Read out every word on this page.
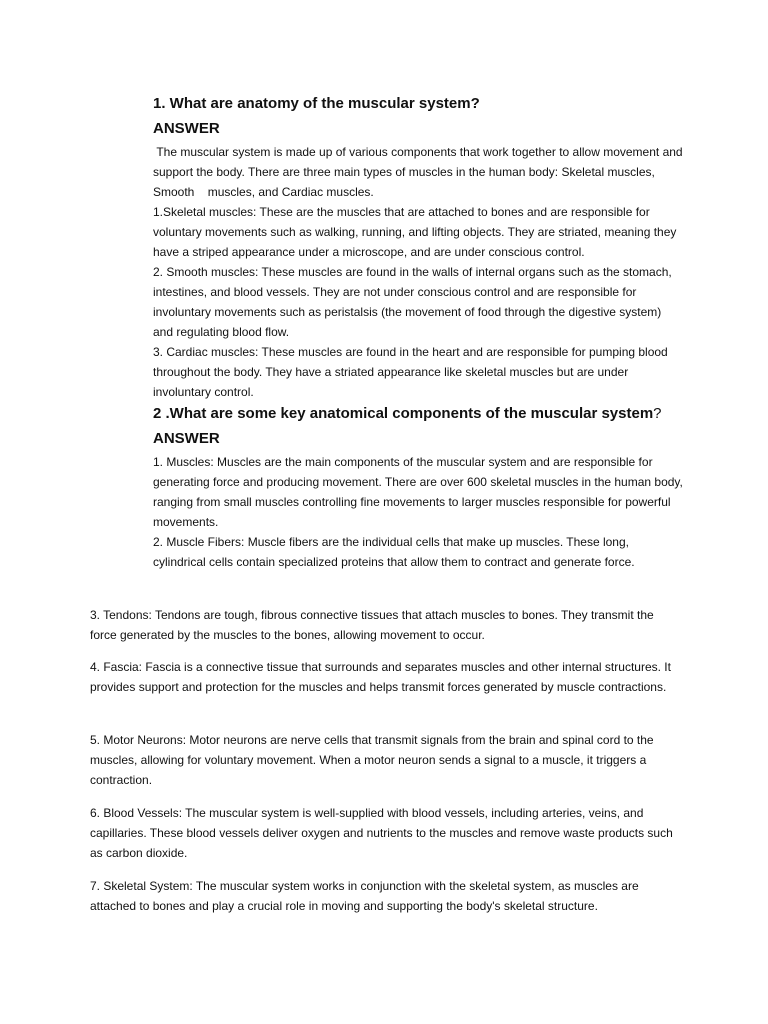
1. What are anatomy of the muscular system?

ANSWER

The muscular system is made up of various components that work together to allow movement and support the body. There are three main types of muscles in the human body: Skeletal muscles, Smooth    muscles, and Cardiac muscles.

1.Skeletal muscles: These are the muscles that are attached to bones and are responsible for voluntary movements such as walking, running, and lifting objects. They are striated, meaning they have a striped appearance under a microscope, and are under conscious control.

2. Smooth muscles: These muscles are found in the walls of internal organs such as the stomach, intestines, and blood vessels. They are not under conscious control and are responsible for involuntary movements such as peristalsis (the movement of food through the digestive system) and regulating blood flow.

3. Cardiac muscles: These muscles are found in the heart and are responsible for pumping blood throughout the body. They have a striated appearance like skeletal muscles but are under involuntary control.

2 .What are some key anatomical components of the muscular system?

ANSWER

1. Muscles: Muscles are the main components of the muscular system and are responsible for generating force and producing movement. There are over 600 skeletal muscles in the human body, ranging from small muscles controlling fine movements to larger muscles responsible for powerful movements.

2. Muscle Fibers: Muscle fibers are the individual cells that make up muscles. These long, cylindrical cells contain specialized proteins that allow them to contract and generate force.

3. Tendons: Tendons are tough, fibrous connective tissues that attach muscles to bones. They transmit the force generated by the muscles to the bones, allowing movement to occur.

4. Fascia: Fascia is a connective tissue that surrounds and separates muscles and other internal structures. It provides support and protection for the muscles and helps transmit forces generated by muscle contractions.

5. Motor Neurons: Motor neurons are nerve cells that transmit signals from the brain and spinal cord to the muscles, allowing for voluntary movement. When a motor neuron sends a signal to a muscle, it triggers a contraction.

6. Blood Vessels: The muscular system is well-supplied with blood vessels, including arteries, veins, and capillaries. These blood vessels deliver oxygen and nutrients to the muscles and remove waste products such as carbon dioxide.

7. Skeletal System: The muscular system works in conjunction with the skeletal system, as muscles are attached to bones and play a crucial role in moving and supporting the body's skeletal structure.
